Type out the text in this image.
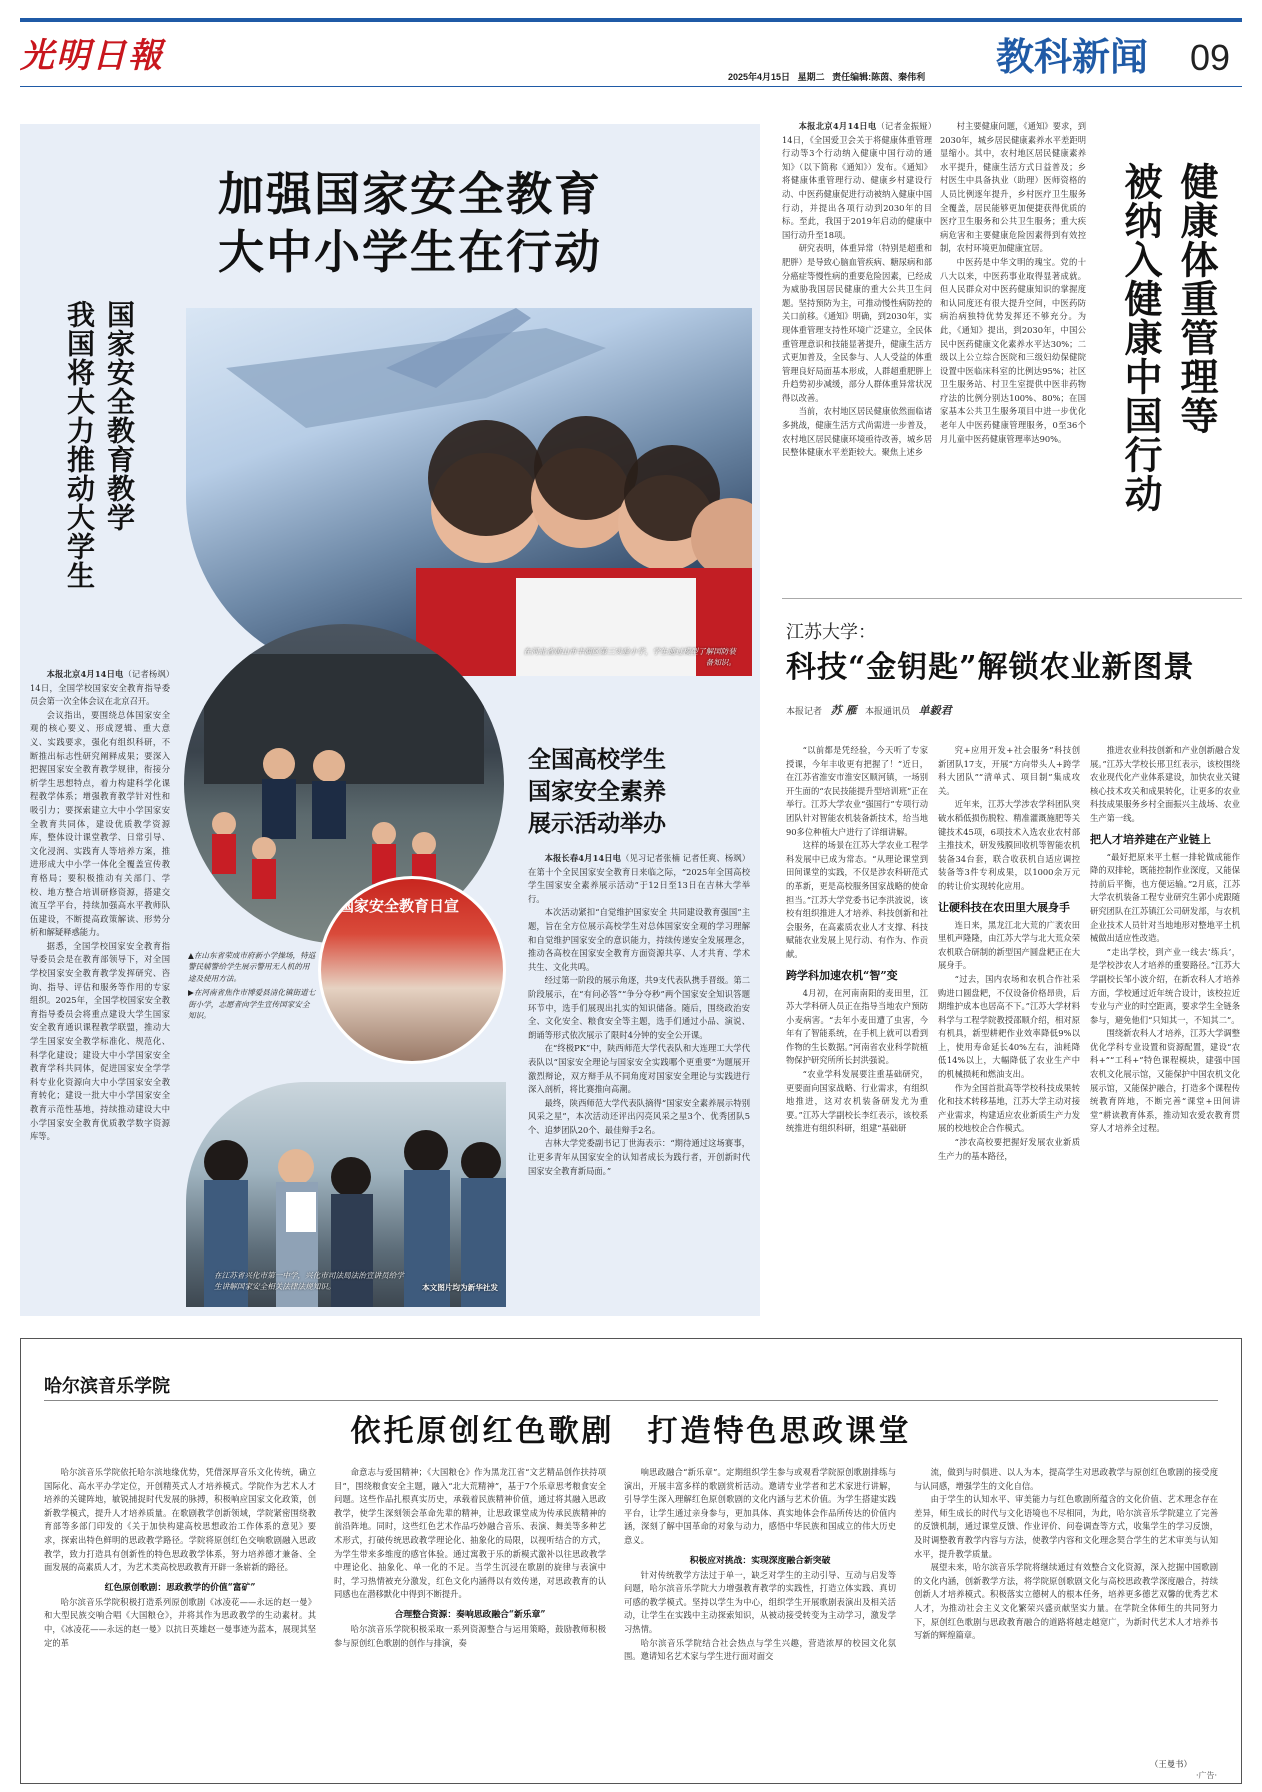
光明日報
2025年4月15日 星期二 责任编辑:陈茵、秦伟利 教科新闻 09
加强国家安全教育
大中小学生在行动
国家安全教育教学
我国将大力推动大学生
在河北省唐山市丰润区第三实验小学，学生通过模型了解国防装备知识。
国家安全教育日宣
▲在山东省荣成市府新小学操场，特巡警民辅警给学生展示警用无人机的用途及使用方法。
▶在河南省焦作市博爱县清化镇街道七街小学，志愿者向学生宣传国家安全知识。
在江苏省兴化市第一中学，兴化市司法局法治宣讲员给学生讲解国家安全相关法律法规知识。	本文图片均为新华社发

本报北京4月14日电（记者杨飒）14日，全国学校国家安全教育指导委员会第一次全体会议在北京召开。

会议指出，要围绕总体国家安全观的核心要义、形成逻辑、重大意义、实践要求，强化有组织科研，不断推出标志性研究阐释成果；要深入把握国家安全教育教学规律，衔接分析学生思想特点，着力构建科学化课程教学体系；增强教育教学针对性和吸引力；要探索建立大中小学国家安全教育共同体，建设优质教学资源库，整体设计课堂教学、日常引导、文化浸润、实践育人等培养方案，推进形成大中小学一体化全覆盖宣传教育格局；要积极推动有关部门、学校、地方整合培训研修资源，搭建交流互学平台，持续加强高水平教师队伍建设，不断提高政策解读、形势分析和解疑释惑能力。

据悉，全国学校国家安全教育指导委员会是在教育部领导下，对全国学校国家安全教育教学发挥研究、咨询、指导、评估和服务等作用的专家组织。2025年，全国学校国家安全教育指导委员会将重点建设大学生国家安全教育通识课程教学联盟，推动大学生国家安全教学标准化、规范化、科学化建设；建设大中小学国家安全教育学科共同体，促进国家安全学学科专业化资源向大中小学国家安全教育转化；建设一批大中小学国家安全教育示范性基地，持续推动建设大中小学国家安全教育优质教学数字资源库等。

全国高校学生
国家安全素养
展示活动举办

本报长春4月14日电（见习记者张楠 记者任爽、杨飒）在第十个全民国家安全教育日来临之际，“2025年全国高校学生国家安全素养展示活动”于12日至13日在吉林大学举行。

本次活动紧扣“自觉维护国家安全 共同建设教育强国”主题，旨在全方位展示高校学生对总体国家安全观的学习理解和自觉维护国家安全的意识能力，持续传递安全发展理念，推动各高校在国家安全教育方面资源共享、人才共育、学术共生、文化共鸣。

经过第一阶段的展示角逐，共9支代表队携手晋级。第二阶段展示，在“有问必答”“争分夺秒”两个国家安全知识答题环节中，选手们展现出扎实的知识储备。随后，围绕政治安全、文化安全、粮食安全等主题，选手们通过小品、演说、朗诵等形式依次展示了限时4分钟的安全公开课。

在“终极PK”中，陕西师范大学代表队和大连理工大学代表队以“国家安全理论与国家安全实践哪个更重要”为题展开激烈辩论，双方辩手从不同角度对国家安全理论与实践进行深入剖析，将比赛推向高潮。

最终，陕西师范大学代表队摘得“国家安全素养展示特别风采之星”，本次活动还评出闪亮风采之星3个、优秀团队5个、追梦团队20个、最佳辩手2名。

吉林大学党委副书记丁世海表示：“期待通过这场赛事，让更多青年从国家安全的认知者成长为践行者，开创新时代国家安全教育新局面。”

本报北京4月14日电（记者金振娅）14日，《全国爱卫会关于将健康体重管理行动等3个行动纳入健康中国行动的通知》（以下简称《通知》）发布。《通知》将健康体重管理行动、健康乡村建设行动、中医药健康促进行动被纳入健康中国行动，并提出各项行动到2030年的目标。至此，我国于2019年启动的健康中国行动升至18项。

研究表明，体重异常（特别是超重和肥胖）是导致心脑血管疾病、糖尿病和部分癌症等慢性病的重要危险因素，已经成为威胁我国居民健康的重大公共卫生问题。坚持预防为主，可推动慢性病防控的关口前移。《通知》明确，到2030年，实现体重管理支持性环境广泛建立，全民体重管理意识和技能显著提升，健康生活方式更加普及，全民参与、人人受益的体重管理良好局面基本形成，人群超重肥胖上升趋势初步减缓，部分人群体重异常状况得以改善。

当前，农村地区居民健康依然面临诸多挑战，健康生活方式尚需进一步普及，农村地区居民健康环境亟待改善，城乡居民整体健康水平差距较大。聚焦上述乡

村主要健康问题，《通知》要求，到2030年，城乡居民健康素养水平差距明显缩小。其中，农村地区居民健康素养水平提升，健康生活方式日益普及；乡村医生中具备执业（助理）医师资格的人员比例逐年提升，乡村医疗卫生服务全覆盖，居民能够更加便捷获得优质的医疗卫生服务和公共卫生服务；重大疾病危害和主要健康危险因素得到有效控制，农村环境更加健康宜居。

中医药是中华文明的瑰宝。党的十八大以来，中医药事业取得显著成就。但人民群众对中医药健康知识的掌握度和认同度还有很大提升空间，中医药防病治病独特优势发挥还不够充分。为此，《通知》提出，到2030年，中国公民中医药健康文化素养水平达30%；二级以上公立综合医院和三级妇幼保健院设置中医临床科室的比例达95%；社区卫生服务站、村卫生室提供中医非药物疗法的比例分别达100%、80%；在国家基本公共卫生服务项目中进一步优化老年人中医药健康管理服务，0至36个月儿童中医药健康管理率达90%。

健康体重管理等
被纳入健康中国行动
江苏大学：
科技“金钥匙”解锁农业新图景
本报记者 苏 雁 本报通讯员 单毅君

“以前都是凭经验，今天听了专家授课，今年丰收更有把握了！”近日，在江苏省淮安市淮安区顺河镇，一场别开生面的“农民技能提升型培训班”正在举行。江苏大学农业“强国行”专项行动团队针对智能农机装备新技术，给当地90多位种植大户进行了详细讲解。

这样的场景在江苏大学农业工程学科发展中已成为常态。“从理论课堂到田间课堂的实践，不仅是涉农科研范式的革新，更是高校服务国家战略的使命担当。”江苏大学党委书记李洪波说，该校有组织推进人才培养、科技创新和社会服务，在高素质农业人才支撑、科技赋能农业发展上见行动、有作为、作贡献。

跨学科加速农机“智”变

4月初，在河南南阳的麦田里，江苏大学科研人员正在指导当地农户预防小麦病害。“去年小麦田遭了虫害，今年有了智能系统，在手机上就可以看到作物的生长数据。”河南省农业科学院植物保护研究所所长封洪强说。

“农业学科发展要注重基础研究，更要面向国家战略、行业需求，有组织地推进，这对农机装备研发尤为重要。”江苏大学副校长李红表示，该校系统推进有组织科研，组建“基础研

究+应用开发+社会服务”科技创新团队17支，开展“方向带头人+跨学科大团队”“清单式、项目制”集成攻关。

近年来，江苏大学涉农学科团队突破水稻低损伤脱粒、精准灌溉施肥等关键技术45项，6项技术入选农业农村部主推技术，研发残膜回收机等智能农机装备34台套，联合收获机自适应调控装备等3件专利成果，以1000余万元的转让价实现转化应用。

让硬科技在农田里大展身手

连日来，黑龙江北大荒的广袤农田里机声隆隆，由江苏大学与北大荒众荣农机联合研制的新型国产圆盘耙正在大展身手。

“过去，国内农场和农机合作社采购进口圆盘耙，不仅设备价格昂贵，后期维护成本也居高不下。”江苏大学材料科学与工程学院教授邵顺介绍，相对原有机具，新型耕耙作业效率降低9%以上，使用寿命延长40%左右，油耗降低14%以上，大幅降低了农业生产中的机械损耗和燃油支出。

作为全国首批高等学校科技成果转化和技术转移基地，江苏大学主动对接产业需求，构建适应农业新质生产力发展的校地校企合作模式。

“涉农高校要把握好发展农业新质生产力的基本路径，

推进农业科技创新和产业创新融合发展。”江苏大学校长邢卫红表示，该校围绕农业现代化产业体系建设，加快农业关键核心技术攻关和成果转化，让更多的农业科技成果服务乡村全面振兴主战场、农业生产第一线。

把人才培养建在产业链上

“最好把原来平土框一排轮做成能作降的双排轮，既能控制作业深度，又能保持前后平衡，也方便运输。”2月底，江苏大学农机装备工程专业研究生郭小虎跟随研究团队在江苏镇江公司研发部，与农机企业技术人员针对当地地形对整地平土机械做出适应性改造。

“走出学校，到产业一线去‘练兵’，是学校涉农人才培养的重要路径。”江苏大学副校长邹小波介绍，在新农科人才培养方面，学校通过近年统合设计，该校拉近专业与产业的时空距离，要求学生全链条参与，避免他们“只知其一，不知其二”。

围绕新农科人才培养，江苏大学调整优化学科专业设置和资源配置，建设“农科+”“工科+”特色课程模块，建强中国农机文化展示馆，又能保护中国农机文化展示馆，又能保护融合，打造多个课程传统教育阵地，不断完善“课堂+田间讲堂”耕读教育体系，推动知农爱农教育贯穿人才培养全过程。

哈尔滨音乐学院
依托原创红色歌剧　打造特色思政课堂

哈尔滨音乐学院依托哈尔滨地缘优势，凭借深厚音乐文化传统，确立国际化、高水平办学定位，开创精英式人才培养模式。学院作为艺术人才培养的关键阵地，敏锐捕捉时代发展的脉搏，积极响应国家文化政策，创新教学模式，提升人才培养质量。在歌剧教学创新领域，学院紧密围绕教育部等多部门印发的《关于加快构建高校思想政治工作体系的意见》要求，探索出特色鲜明的思政教学路径。学院将原创红色交响歌剧融入思政教学，致力打造具有创新性的特色思政教学体系，努力培养德才兼备、全面发展的高素质人才，为艺术类高校思政教育开辟一条崭新的路径。

红色原创歌剧：思政教学的价值“富矿”

哈尔滨音乐学院积极打造系列原创歌剧《冰凌花——永远的赵一曼》和大型民族交响合唱《大国粮仓》，并将其作为思政教学的生动素材。其中，《冰凌花——永远的赵一曼》以抗日英雄赵一曼事迹为蓝本，展现其坚定的革

命意志与爱国精神；《大国粮仓》作为黑龙江省“文艺精品创作扶持项目”，围绕粮食安全主题，融入“北大荒精神”，基于7个乐章思考粮食安全问题。这些作品扎根真实历史，承载着民族精神价值，通过将其融入思政教学，使学生深刻领会革命先辈的精神，让思政课堂成为传承民族精神的前沿阵地。同时，这些红色艺术作品巧妙融合音乐、表演、舞美等多种艺术形式，打破传统思政教学理论化、抽象化的局限，以视听结合的方式，为学生带来多维度的感官体验。通过寓教于乐的新模式激补以往思政教学中理论化、抽象化、单一化的不足。当学生沉浸在歌剧的旋律与表演中时，学习热情被充分激发，红色文化内涵得以有效传递，对思政教育的认同感也在潜移默化中得到不断提升。

合理整合资源：奏响思政融合“新乐章”

哈尔滨音乐学院积极采取一系列资源整合与运用策略，鼓励教师积极参与原创红色歌剧的创作与排演，奏

响思政融合“新乐章”。定期组织学生参与或观看学院原创歌剧排练与演出，开展丰富多样的歌剧赏析活动。邀请专业学者和艺术家进行讲解，引导学生深入理解红色原创歌剧的文化内涵与艺术价值。为学生搭建实践平台，让学生通过亲身参与，更加具体、真实地体会作品所传达的价值内涵，深刻了解中国革命的对象与动力，感悟中华民族和国成立的伟大历史意义。

积极应对挑战：实现深度融合新突破

针对传统教学方法过于单一，缺乏对学生的主动引导、互动与启发等问题，哈尔滨音乐学院大力增强教育教学的实践性，打造立体实践、真切可感的教学模式。坚持以学生为中心，组织学生开展歌剧表演出及相关活动，让学生在实践中主动探索知识，从被动接受转变为主动学习，激发学习热情。

哈尔滨音乐学院结合社会热点与学生兴趣，营造浓厚的校园文化氛围。邀请知名艺术家与学生进行面对面交

流，做到与时俱进、以人为本，提高学生对思政教学与原创红色歌剧的接受度与认同感，增强学生的文化自信。

由于学生的认知水平、审美能力与红色歌剧所蕴含的文化价值、艺术理念存在差异，师生成长的时代与文化语境也不尽相同，为此，哈尔滨音乐学院建立了完善的反馈机制，通过课堂反馈、作业评价、问卷调查等方式，收集学生的学习反馈，及时调整教育教学内容与方法，使教学内容和文化理念契合学生的艺术审美与认知水平，提升教学质量。

展望未来，哈尔滨音乐学院将继续通过有效整合文化资源，深入挖掘中国歌剧的文化内涵，创新教学方法，将学院原创歌剧文化与高校思政教学深度融合，持续创新人才培养模式。积极落实立德树人的根本任务，培养更多德艺双馨的优秀艺术人才，为推动社会主义文化繁荣兴盛贡献坚实力量。在学院全体师生的共同努力下，原创红色歌剧与思政教育融合的道路将越走越宽广，为新时代艺术人才培养书写新的辉煌篇章。

（王曼书）
·广告·
